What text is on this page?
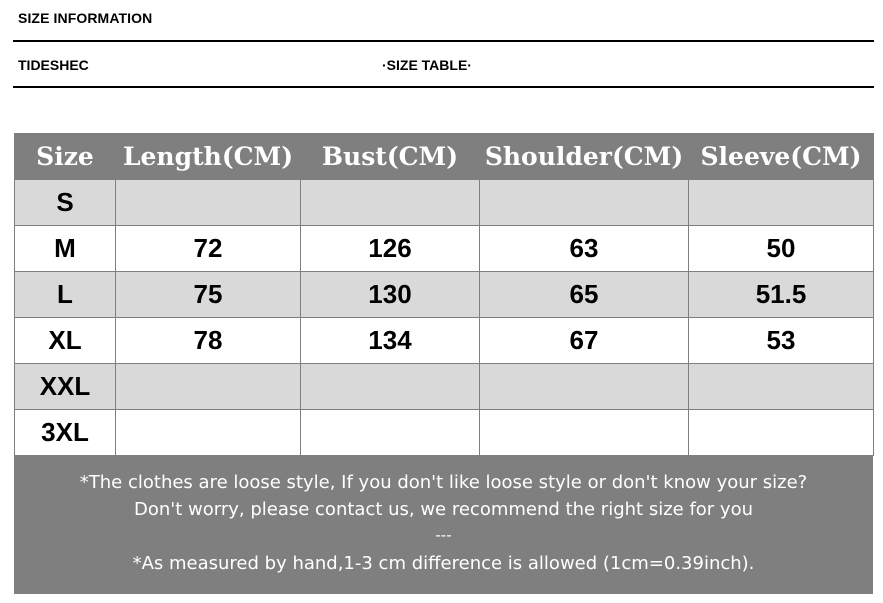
SIZE INFORMATION
TIDESHEC	·SIZE TABLE·
Size	Length(CM)	Bust(CM)	Shoulder(CM)	Sleeve(CM)
S				
M	72	126	63	50
L	75	130	65	51.5
XL	78	134	67	53
XXL				
3XL				
*The clothes are loose style, If you don't like loose style or don't know your size?
Don't worry, please contact us, we recommend the right size for you
---
*As measured by hand,1-3 cm difference is allowed (1cm=0.39inch).
